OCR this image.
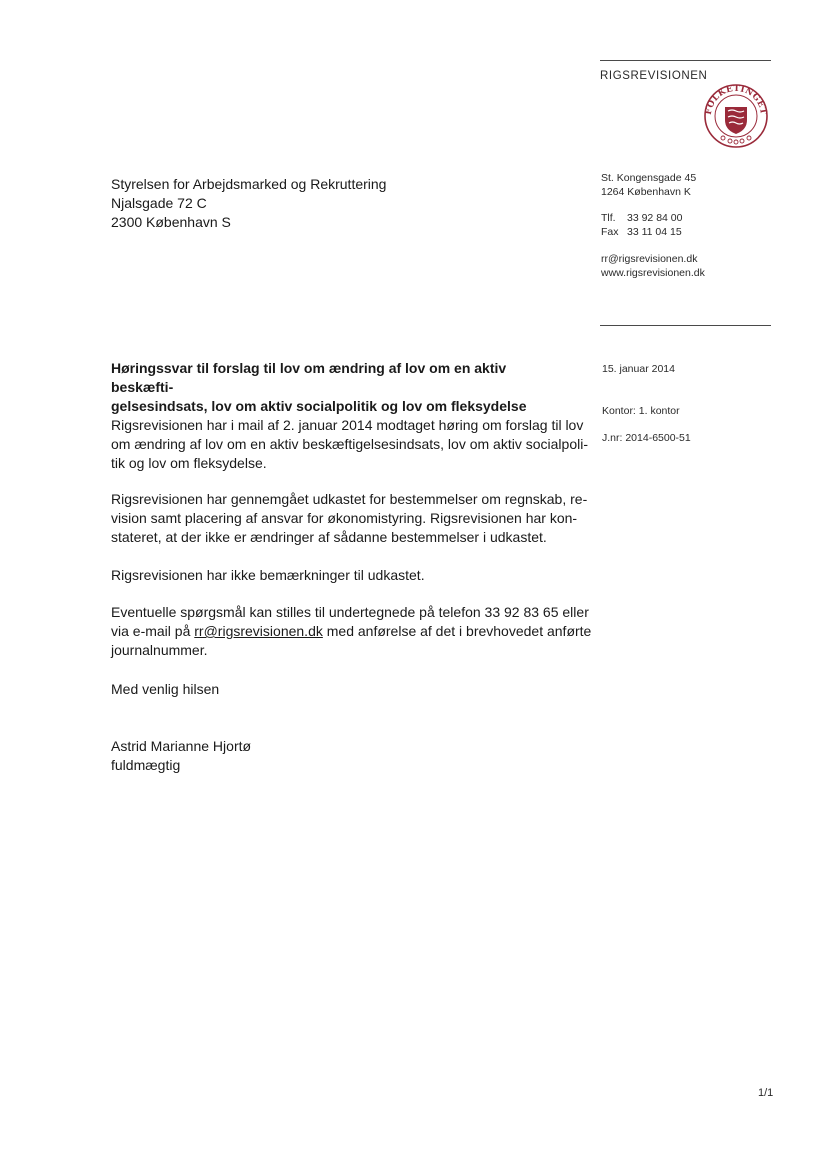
RIGSREVISIONEN
FOLKETINGET
St. Kongensgade 45
1264 København K
Tlf. 33 92 84 00
Fax 33 11 04 15
rr@rigsrevisionen.dk
www.rigsrevisionen.dk
Styrelsen for Arbejdsmarked og Rekruttering
Njalsgade 72 C
2300 København S
15. januar 2014
Kontor: 1. kontor
J.nr: 2014-6500-51
Høringssvar til forslag til lov om ændring af lov om en aktiv beskæfti-
gelsesindsats, lov om aktiv socialpolitik og lov om fleksydelse
Rigsrevisionen har i mail af 2. januar 2014 modtaget høring om forslag til lov
om ændring af lov om en aktiv beskæftigelsesindsats, lov om aktiv socialpoli-
tik og lov om fleksydelse.
Rigsrevisionen har gennemgået udkastet for bestemmelser om regnskab, re-
vision samt placering af ansvar for økonomistyring. Rigsrevisionen har kon-
stateret, at der ikke er ændringer af sådanne bestemmelser i udkastet.
Rigsrevisionen har ikke bemærkninger til udkastet.
Eventuelle spørgsmål kan stilles til undertegnede på telefon 33 92 83 65 eller
via e-mail på rr@rigsrevisionen.dk med anførelse af det i brevhovedet anførte
journalnummer.
Med venlig hilsen
Astrid Marianne Hjortø
fuldmægtig
1/1
